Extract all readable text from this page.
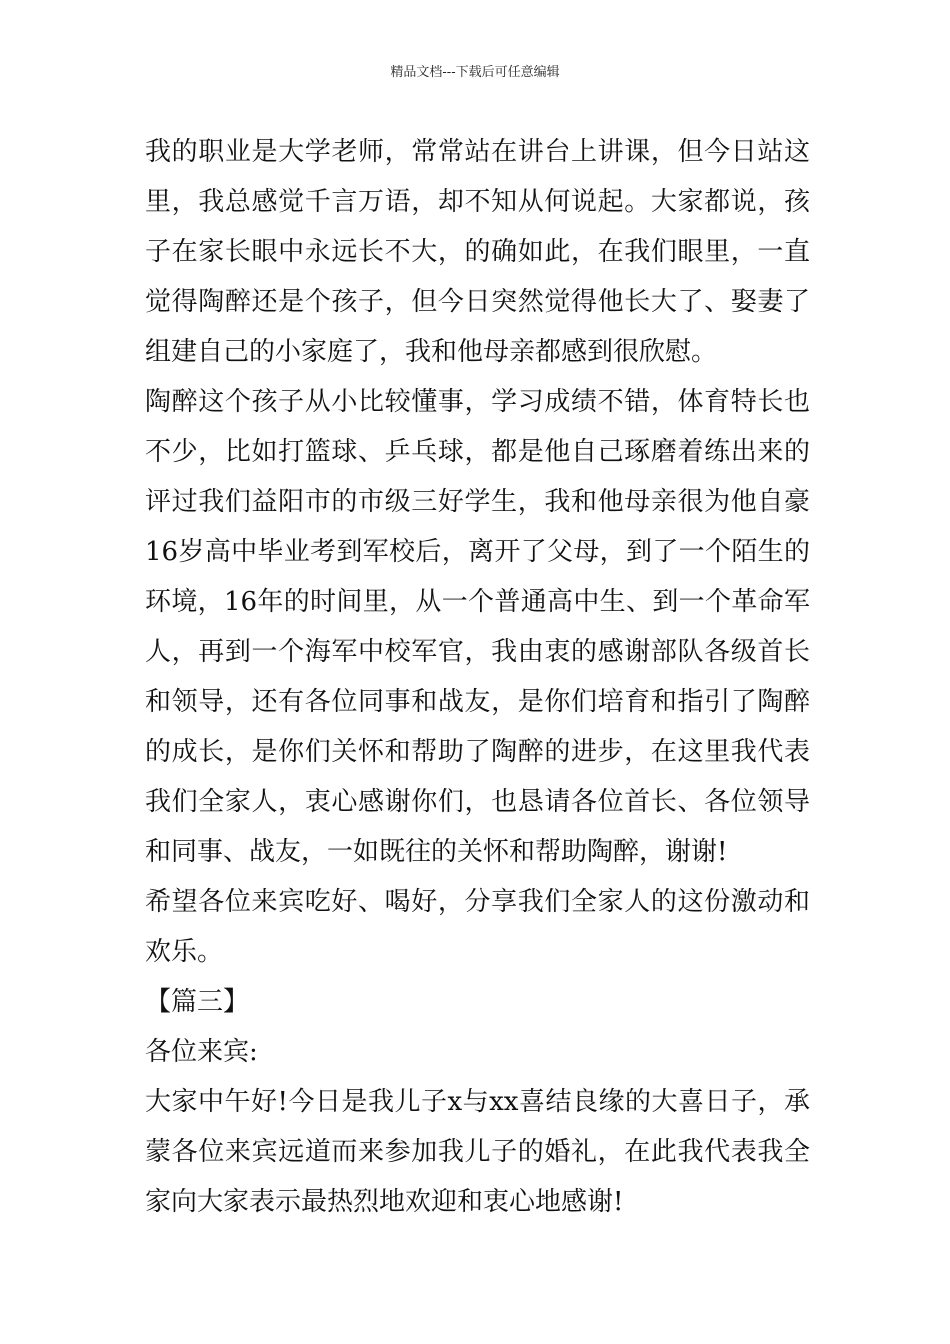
精品文档---下载后可任意编辑

我的职业是大学老师，常常站在讲台上讲课，但今日站这里，我总感觉千言万语，却不知从何说起。大家都说，孩子在家长眼中永远长不大，的确如此，在我们眼里，一直觉得陶醉还是个孩子，但今日突然觉得他长大了、娶妻了组建自己的小家庭了，我和他母亲都感到很欣慰。

陶醉这个孩子从小比较懂事，学习成绩不错，体育特长也不少，比如打篮球、乒乓球，都是他自己琢磨着练出来的评过我们益阳市的市级三好学生，我和他母亲很为他自豪16岁高中毕业考到军校后，离开了父母，到了一个陌生的环境，16年的时间里，从一个普通高中生、到一个革命军人，再到一个海军中校军官，我由衷的感谢部队各级首长和领导，还有各位同事和战友，是你们培育和指引了陶醉的成长，是你们关怀和帮助了陶醉的进步，在这里我代表我们全家人，衷心感谢你们，也恳请各位首长、各位领导和同事、战友，一如既往的关怀和帮助陶醉，谢谢!

希望各位来宾吃好、喝好，分享我们全家人的这份激动和欢乐。

【篇三】

各位来宾:

大家中午好!今日是我儿子x与xx喜结良缘的大喜日子，承蒙各位来宾远道而来参加我儿子的婚礼，在此我代表我全家向大家表示最热烈地欢迎和衷心地感谢!
